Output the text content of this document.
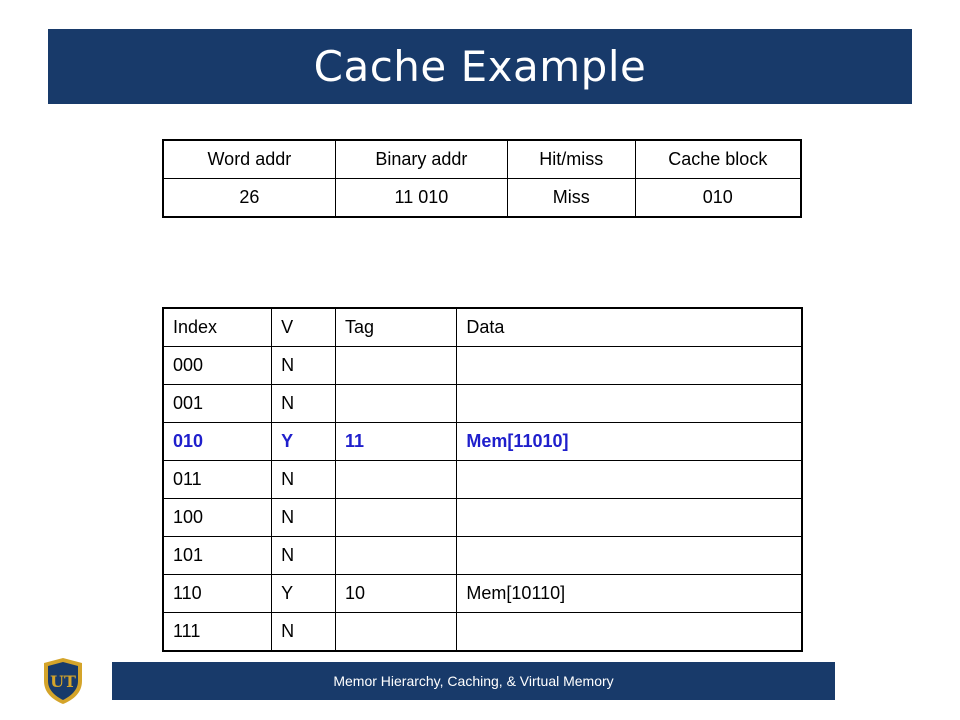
Cache Example
Word addr	Binary addr	Hit/miss	Cache block
26	11 010	Miss	010
Index	V	Tag	Data
000	N		
001	N		
010	Y	11	Mem[11010]
011	N		
100	N		
101	N		
110	Y	10	Mem[10110]
111	N		
UT	Memor Hierarchy, Caching, & Virtual Memory
